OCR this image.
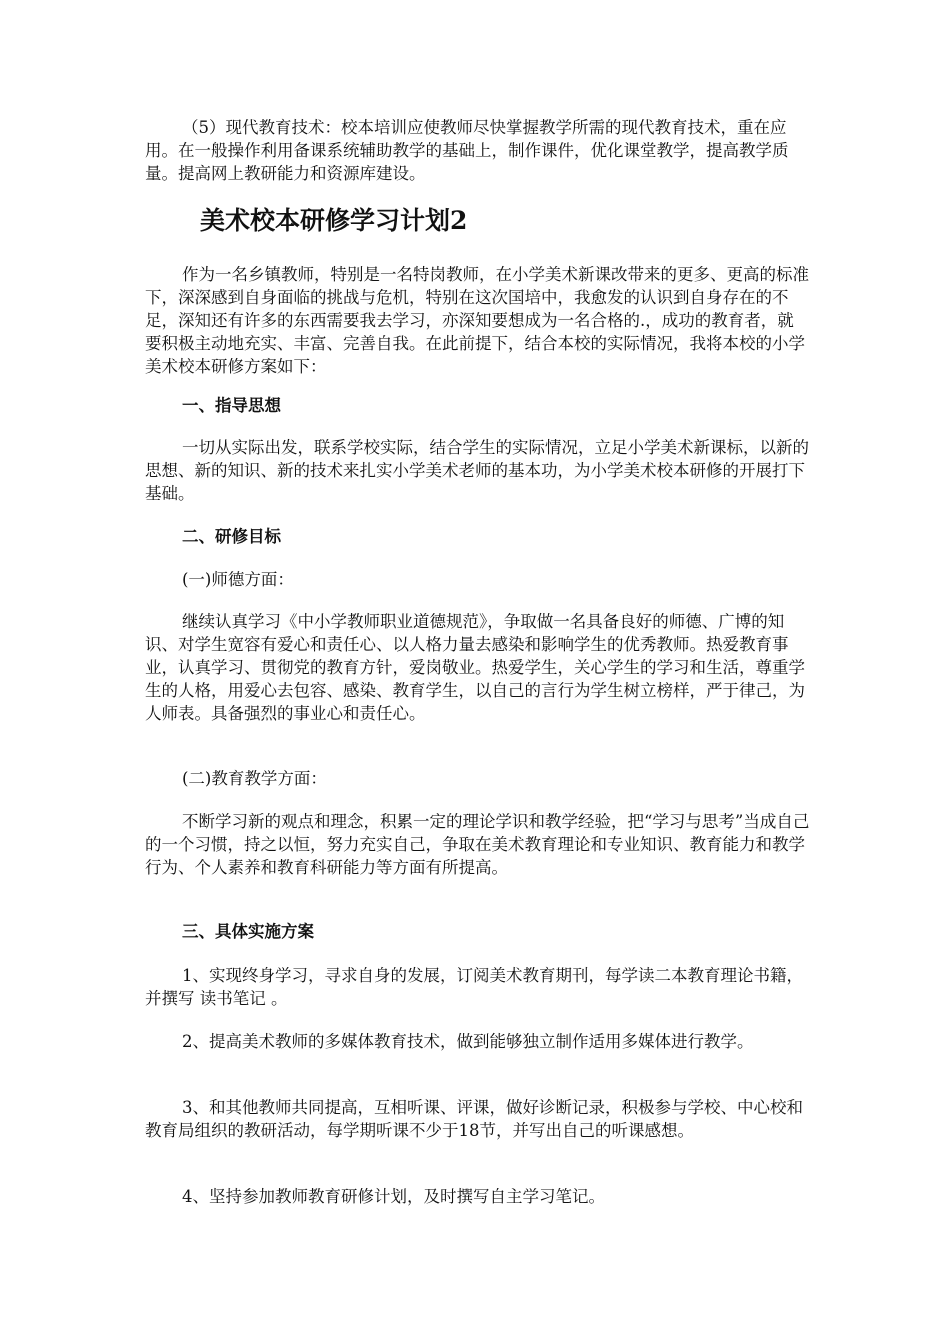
（5）现代教育技术：校本培训应使教师尽快掌握教学所需的现代教育技术，重在应用。在一般操作利用备课系统辅助教学的基础上，制作课件，优化课堂教学，提高教学质量。提高网上教研能力和资源库建设。

美术校本研修学习计划2

作为一名乡镇教师，特别是一名特岗教师，在小学美术新课改带来的更多、更高的标准下，深深感到自身面临的挑战与危机，特别在这次国培中，我愈发的认识到自身存在的不足，深知还有许多的东西需要我去学习，亦深知要想成为一名合格的.，成功的教育者，就要积极主动地充实、丰富、完善自我。在此前提下，结合本校的实际情况，我将本校的小学美术校本研修方案如下：

一、指导思想

一切从实际出发，联系学校实际，结合学生的实际情况，立足小学美术新课标，以新的思想、新的知识、新的技术来扎实小学美术老师的基本功，为小学美术校本研修的开展打下基础。

二、研修目标

(一)师德方面：

继续认真学习《中小学教师职业道德规范》，争取做一名具备良好的师德、广博的知识、对学生宽容有爱心和责任心、以人格力量去感染和影响学生的优秀教师。热爱教育事业，认真学习、贯彻党的教育方针，爱岗敬业。热爱学生，关心学生的学习和生活，尊重学生的人格，用爱心去包容、感染、教育学生，以自己的言行为学生树立榜样，严于律己，为人师表。具备强烈的事业心和责任心。

(二)教育教学方面：

不断学习新的观点和理念，积累一定的理论学识和教学经验，把“学习与思考”当成自己的一个习惯，持之以恒，努力充实自己，争取在美术教育理论和专业知识、教育能力和教学行为、个人素养和教育科研能力等方面有所提高。

三、具体实施方案

1、实现终身学习，寻求自身的发展，订阅美术教育期刊，每学读二本教育理论书籍，并撰写 读书笔记 。

2、提高美术教师的多媒体教育技术，做到能够独立制作适用多媒体进行教学。

3、和其他教师共同提高，互相听课、评课，做好诊断记录，积极参与学校、中心校和教育局组织的教研活动，每学期听课不少于18节，并写出自己的听课感想。

4、坚持参加教师教育研修计划，及时撰写自主学习笔记。
